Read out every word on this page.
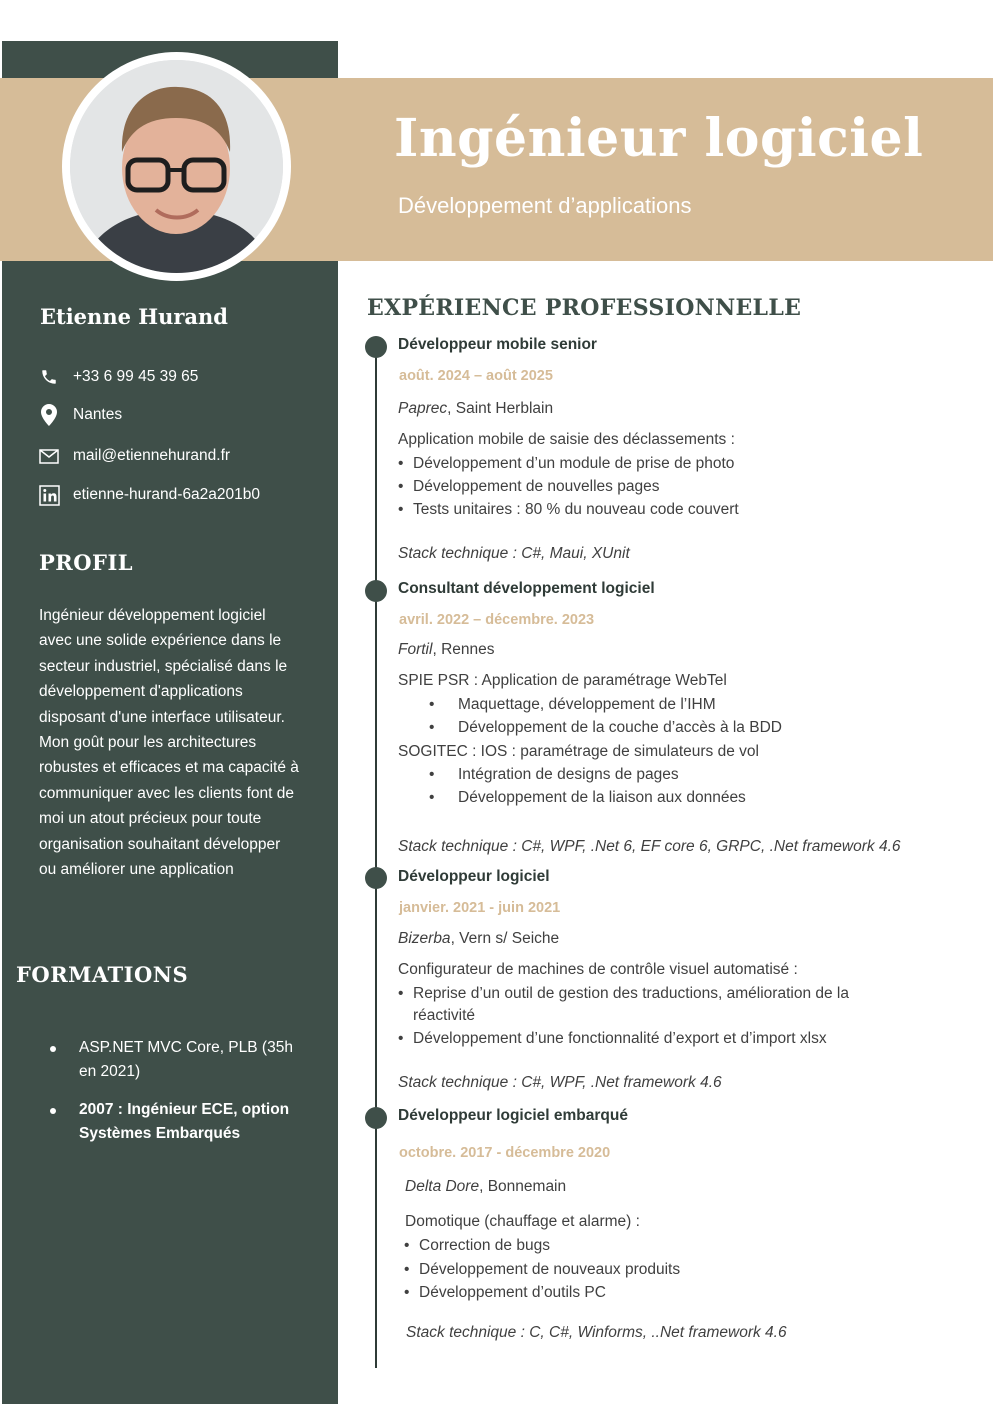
Ingénieur logiciel
Développement d’applications
Etienne Hurand
+33 6 99 45 39 65
Nantes
mail@etiennehurand.fr
etienne-hurand-6a2a201b0
PROFIL
Ingénieur développement logiciel avec une solide expérience dans le secteur industriel, spécialisé dans le développement d'applications disposant d'une interface utilisateur. Mon goût pour les architectures robustes et efficaces et ma capacité à communiquer avec les clients font de moi un atout précieux pour toute organisation souhaitant développer ou améliorer une application
FORMATIONS
ASP.NET MVC Core, PLB (35h en 2021)
2007 : Ingénieur ECE, option Systèmes Embarqués
EXPÉRIENCE PROFESSIONNELLE
Développeur mobile senior
août. 2024 – août 2025
Paprec, Saint Herblain
Application mobile de saisie des déclassements :
• Développement d’un module de prise de photo
• Développement de nouvelles pages
• Tests unitaires : 80 % du nouveau code couvert
Stack technique : C#, Maui, XUnit
Consultant développement logiciel
avril. 2022 – décembre. 2023
Fortil, Rennes
SPIE PSR : Application de paramétrage WebTel
• Maquettage, développement de l’IHM
• Développement de la couche d’accès à la BDD
SOGITEC : IOS : paramétrage de simulateurs de vol
• Intégration de designs de pages
• Développement de la liaison aux données
Stack technique : C#, WPF, .Net 6, EF core 6, GRPC, .Net framework 4.6
Développeur logiciel
janvier. 2021 - juin 2021
Bizerba, Vern s/ Seiche
Configurateur de machines de contrôle visuel automatisé :
• Reprise d’un outil de gestion des traductions, amélioration de la
réactivité
• Développement d’une fonctionnalité d’export et d’import xlsx
Stack technique : C#, WPF, .Net framework 4.6
Développeur logiciel embarqué
octobre. 2017 - décembre 2020
Delta Dore, Bonnemain
Domotique (chauffage et alarme) :
• Correction de bugs
• Développement de nouveaux produits
• Développement d’outils PC
Stack technique : C, C#, Winforms, ..Net framework 4.6
